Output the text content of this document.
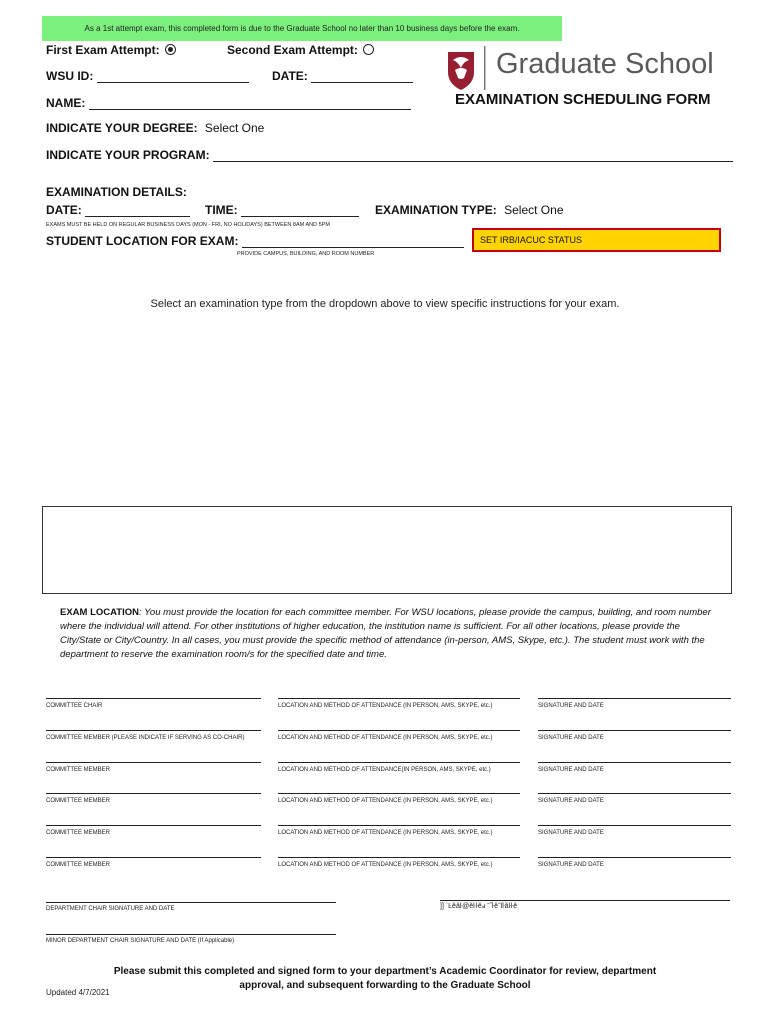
As a 1st attempt exam, this completed form is due to the Graduate School no later than 10 business days before the exam.
First Exam Attempt:	Second Exam Attempt:
WSU ID:	DATE:
NAME:
Graduate School
EXAMINATION SCHEDULING FORM
INDICATE YOUR DEGREE: Select One
INDICATE YOUR PROGRAM:
EXAMINATION DETAILS:
DATE:	TIME:	EXAMINATION TYPE: Select One
EXAMS MUST BE HELD ON REGULAR BUSINESS DAYS (MON - FRI, NO HOLIDAYS) BETWEEN 8AM AND 5PM
STUDENT LOCATION FOR EXAM:
PROVIDE CAMPUS, BUILDING, AND ROOM NUMBER
SET IRB/IACUC STATUS
Select an examination type from the dropdown above to view specific instructions for your exam.
EXAM LOCATION: You must provide the location for each committee member. For WSU locations, please provide the campus, building, and room number where the individual will attend. For other institutions of higher education, the institution name is sufficient. For all other locations, please provide the City/State or City/Country. In all cases, you must provide the specific method of attendance (in-person, AMS, Skype, etc.). The student must work with the department to reserve the examination room/s for the specified date and time.
COMMITTEE CHAIR	LOCATION AND METHOD OF ATTENDANCE (IN PERSON, AMS, SKYPE, etc.)	SIGNATURE AND DATE
COMMITTEE MEMBER (PLEASE INDICATE IF SERVING AS CO-CHAIR)	LOCATION AND METHOD OF ATTENDANCE (IN PERSON, AMS, SKYPE, etc.)	SIGNATURE AND DATE
COMMITTEE MEMBER	LOCATION AND METHOD OF ATTENDANCE(IN PERSON, AMS, SKYPE, etc.)	SIGNATURE AND DATE
COMMITTEE MEMBER	LOCATION AND METHOD OF ATTENDANCE (IN PERSON, AMS, SKYPE, etc.)	SIGNATURE AND DATE
COMMITTEE MEMBER	LOCATION AND METHOD OF ATTENDANCE (IN PERSON, AMS, SKYPE, etc.)	SIGNATURE AND DATE
COMMITTEE MEMBER	LOCATION AND METHOD OF ATTENDANCE (IN PERSON, AMS, SKYPE, etc.)	SIGNATURE AND DATE
DEPARTMENT CHAIR SIGNATURE AND DATE	]] `Ŀĕăŀ@ĕŀŀĕⅎ ˉ˝ŀĕˉĭŀăŀŀĕ
MINOR DEPARTMENT CHAIR SIGNATURE AND DATE (If Applicable)
Please submit this completed and signed form to your department’s Academic Coordinator for review, department
approval, and subsequent forwarding to the Graduate School
Updated 4/7/2021
